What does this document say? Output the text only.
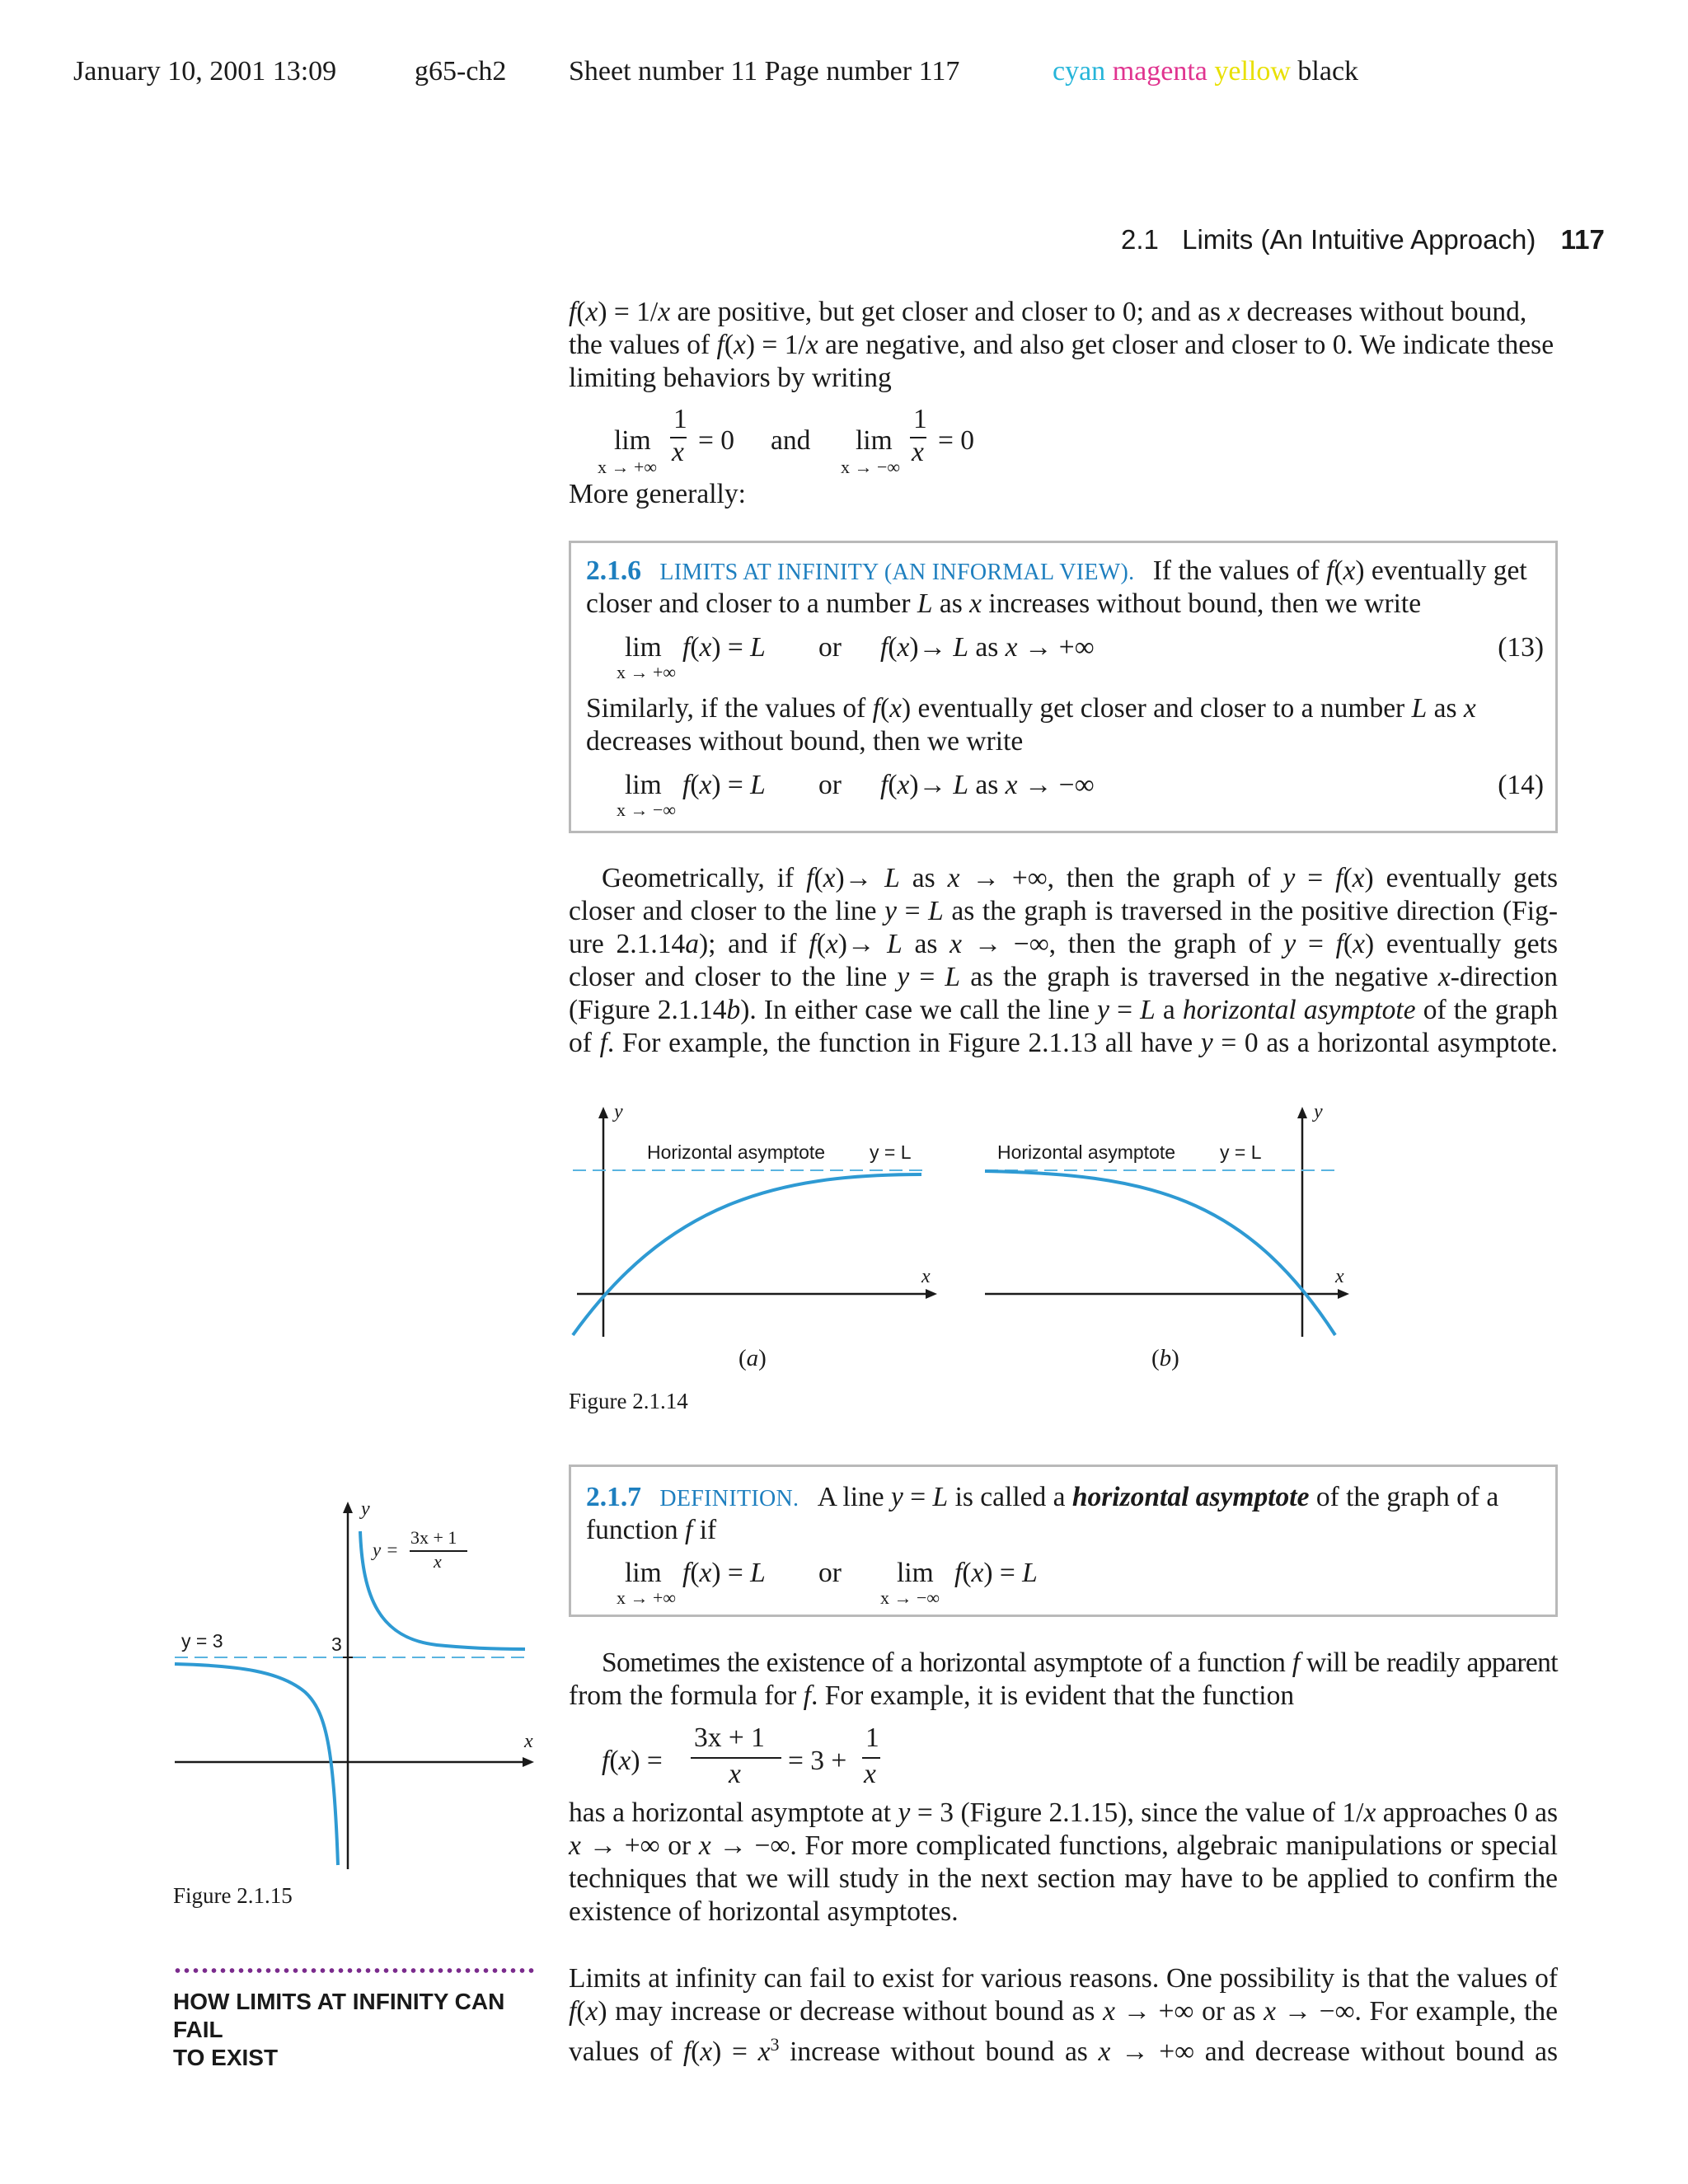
January 10, 2001 13:09	g65-ch2 Sheet number 11 Page number 117	cyan magenta yellow black
2.1 Limits (An Intuitive Approach) 117
f(x) = 1/x are positive, but get closer and closer to 0; and as x decreases without bound,
the values of f(x) = 1/x are negative, and also get closer and closer to 0. We indicate these
limiting behaviors by writing
lim
x → +∞
1
x = 0 and lim
x → −∞
1
x = 0
More generally:
2.1.6 LIMITS AT INFINITY (AN INFORMAL VIEW). If the values of f(x) eventually get
closer and closer to a number L as x increases without bound, then we write
lim
x → +∞
f(x) = L or f(x)→ L as x → +∞	(13)
Similarly, if the values of f(x) eventually get closer and closer to a number L as x
decreases without bound, then we write
lim
x → −∞
f(x) = L or f(x)→ L as x → −∞	(14)
Geometrically, if f(x)→ L as x → +∞, then the graph of y = f(x) eventually gets
closer and closer to the line y = L as the graph is traversed in the positive direction (Fig-
ure 2.1.14a); and if f(x)→ L as x → −∞, then the graph of y = f(x) eventually gets
closer and closer to the line y = L as the graph is traversed in the negative x-direction
(Figure 2.1.14b). In either case we call the line y = L a horizontal asymptote of the graph
of f. For example, the function in Figure 2.1.13 all have y = 0 as a horizontal asymptote.
y
Horizontal asymptote y = L
x
(a)
y
Horizontal asymptote y = L
x
(b)
Figure 2.1.14
2.1.7 DEFINITION. A line y = L is called a horizontal asymptote of the graph of a
function f if
lim
x → +∞
f(x) = L or lim
x → −∞
f(x) = L
y
x
y = 3	3
y =
3x + 1
x
Figure 2.1.15
Sometimes the existence of a horizontal asymptote of a function f will be readily apparent
from the formula for f. For example, it is evident that the function
f(x) =
3x + 1
x = 3 +
1
x
has a horizontal asymptote at y = 3 (Figure 2.1.15), since the value of 1/x approaches 0 as
x → +∞ or x → −∞. For more complicated functions, algebraic manipulations or special
techniques that we will study in the next section may have to be applied to confirm the
existence of horizontal asymptotes.
HOW LIMITS AT INFINITY CAN FAIL
TO EXIST
Limits at infinity can fail to exist for various reasons. One possibility is that the values of
f(x) may increase or decrease without bound as x → +∞ or as x → −∞. For example, the
values of $f(x) = x^3$ increase without bound as x → +∞ and decrease without bound as
